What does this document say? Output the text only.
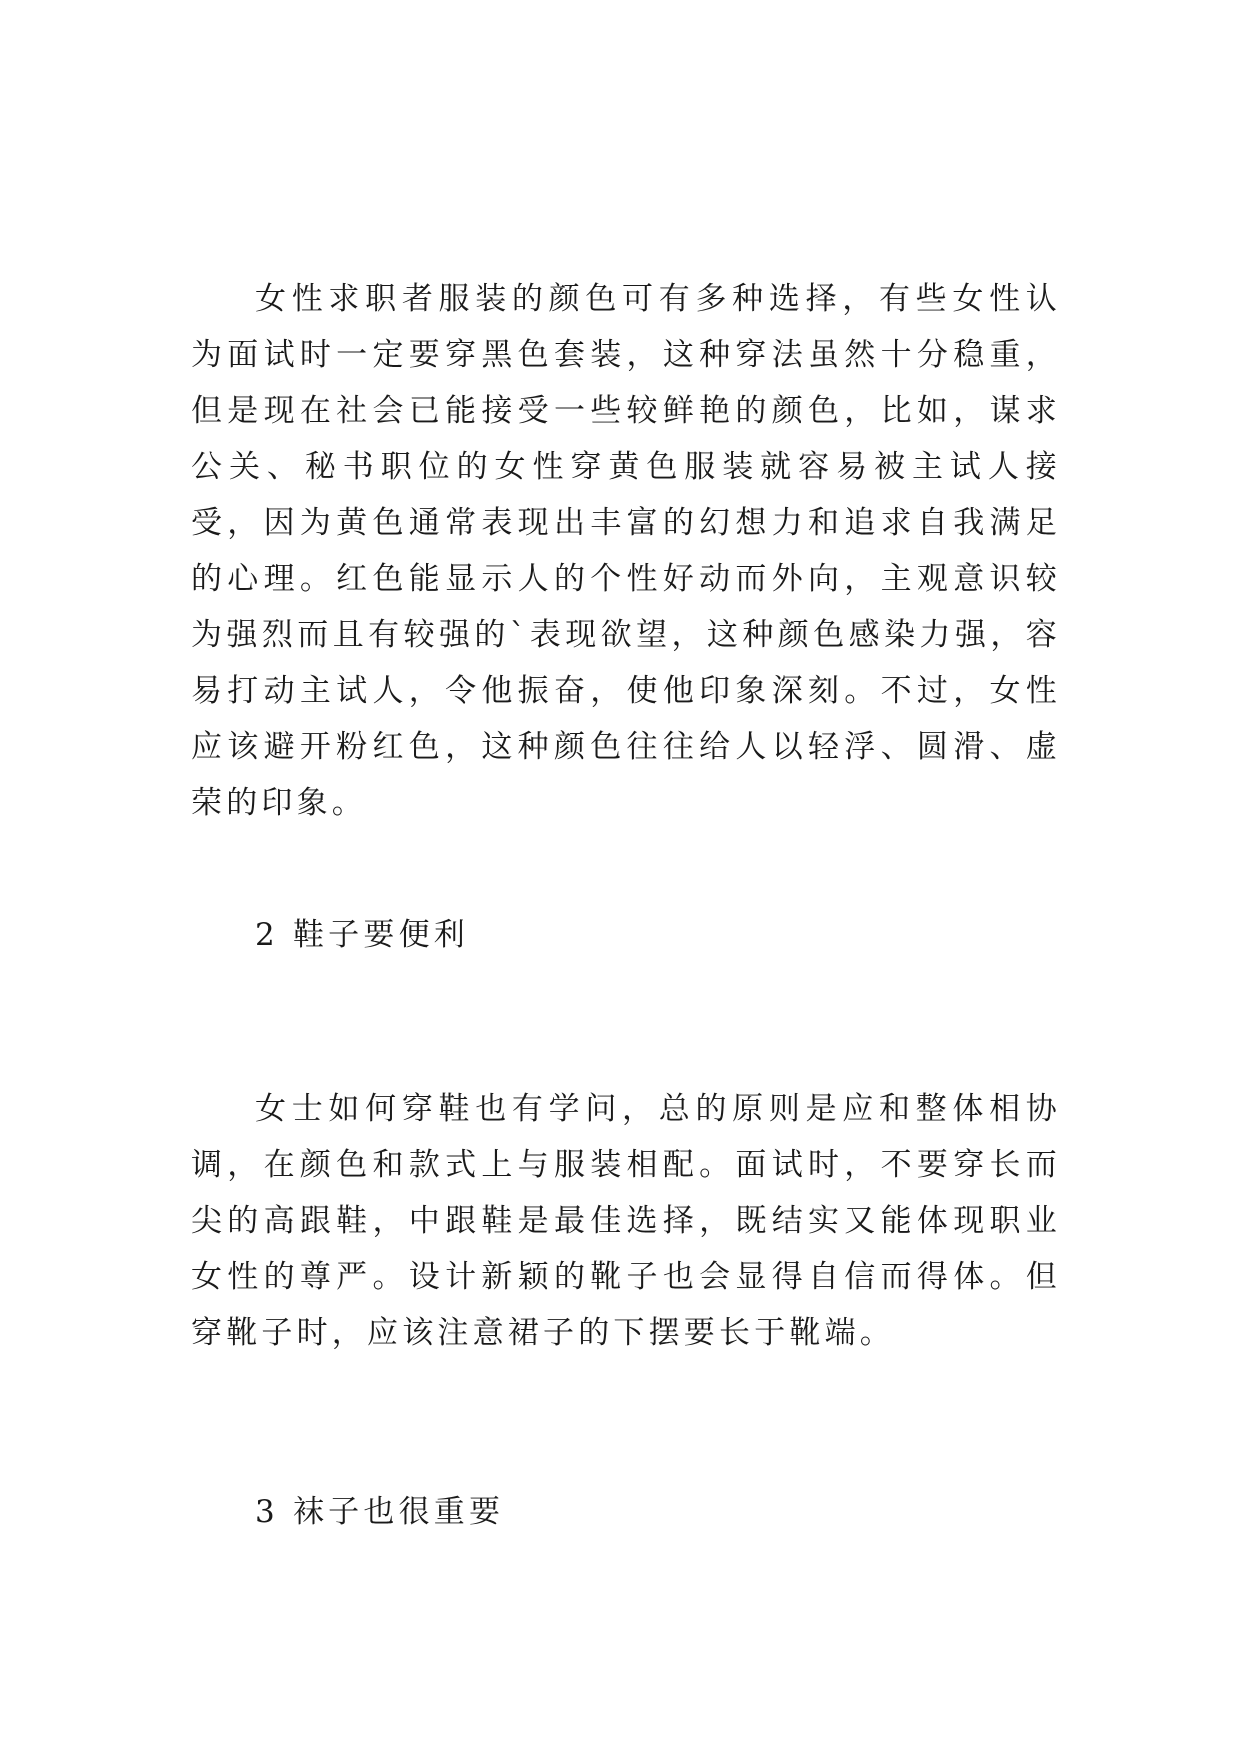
女性求职者服装的颜色可有多种选择，有些女性认为面试时一定要穿黑色套装，这种穿法虽然十分稳重，但是现在社会已能接受一些较鲜艳的颜色，比如，谋求公关、秘书职位的女性穿黄色服装就容易被主试人接受，因为黄色通常表现出丰富的幻想力和追求自我满足的心理。红色能显示人的个性好动而外向，主观意识较为强烈而且有较强的`表现欲望，这种颜色感染力强，容易打动主试人，令他振奋，使他印象深刻。不过，女性应该避开粉红色，这种颜色往往给人以轻浮、圆滑、虚荣的印象。

2 鞋子要便利

女士如何穿鞋也有学问，总的原则是应和整体相协调，在颜色和款式上与服装相配。面试时，不要穿长而尖的高跟鞋，中跟鞋是最佳选择，既结实又能体现职业女性的尊严。设计新颖的靴子也会显得自信而得体。但穿靴子时，应该注意裙子的下摆要长于靴端。

3 袜子也很重要
